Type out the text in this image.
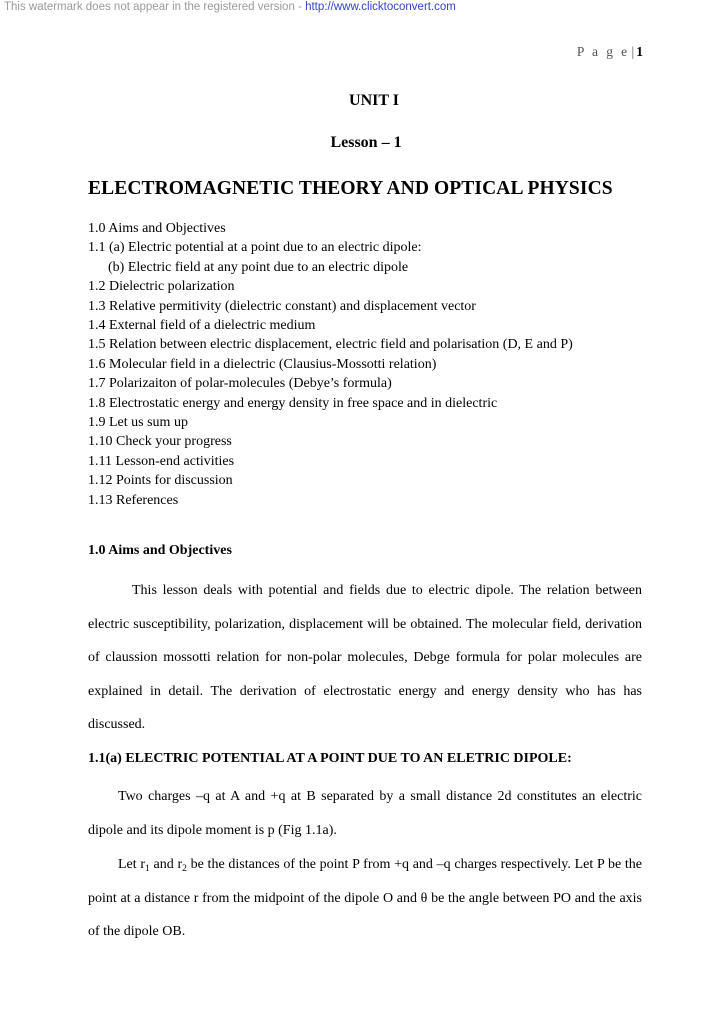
This watermark does not appear in the registered version - http://www.clicktoconvert.com
P a g e | 1
UNIT I
Lesson – 1
ELECTROMAGNETIC THEORY AND OPTICAL PHYSICS
1.0 Aims and Objectives
1.1 (a) Electric potential at a point due to an electric dipole:
(b) Electric field at any point due to an electric dipole
1.2 Dielectric polarization
1.3 Relative permitivity (dielectric constant) and displacement vector
1.4 External field of a dielectric medium
1.5 Relation between electric displacement, electric field and polarisation (D, E and P)
1.6 Molecular field in a dielectric (Clausius-Mossotti relation)
1.7 Polarizaiton of polar-molecules (Debye’s formula)
1.8 Electrostatic energy and energy density in free space and in dielectric
1.9 Let us sum up
1.10 Check your progress
1.11 Lesson-end activities
1.12 Points for discussion
1.13 References
1.0 Aims and Objectives

This lesson deals with potential and fields due to electric dipole. The relation between electric susceptibility, polarization, displacement will be obtained. The molecular field, derivation of claussion mossotti relation for non-polar molecules, Debge formula for polar molecules are explained in detail. The derivation of electrostatic energy and energy density who has has discussed.

1.1(a) ELECTRIC POTENTIAL AT A POINT DUE TO AN ELETRIC DIPOLE:

Two charges –q at A and +q at B separated by a small distance 2d constitutes an electric dipole and its dipole moment is p (Fig 1.1a).

Let $r_1$ and $r_2$ be the distances of the point P from +q and –q charges respectively. Let P be the point at a distance r from the midpoint of the dipole O and θ be the angle between PO and the axis of the dipole OB.
